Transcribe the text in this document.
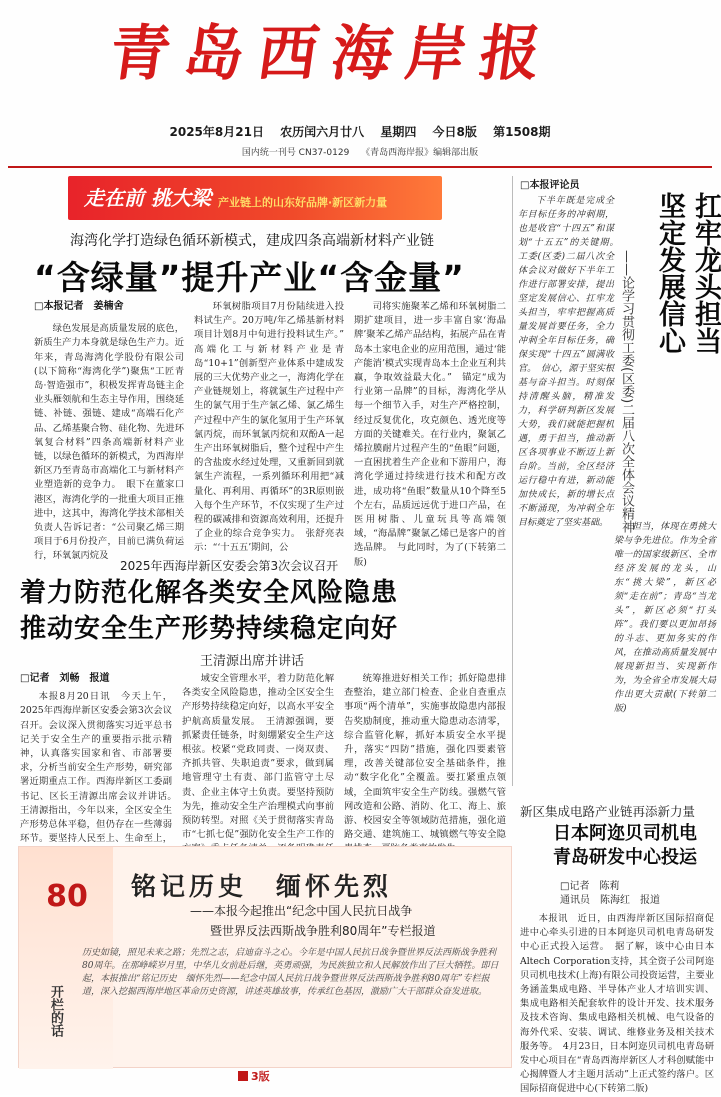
青岛西海岸报
2025年8月21日 农历闰六月廿八 星期四 今日8版 第1508期
国内统一刊号 CN37-0129　 《青岛西海岸报》编辑部出版
走在前 挑大梁 产业链上的山东好品牌·新区新力量
海湾化学打造绿色循环新模式，建成四条高端新材料产业链
“含绿量”提升产业“含金量”
□本报记者　姜楠舍

绿色发展是高质量发展的底色，新质生产力本身就是绿色生产力。近年来，青岛海湾化学股份有限公司(以下简称“海湾化学”)聚焦“工匠青岛·智造强市”，积极发挥青岛链主企业头雁领航和生态主导作用，围绕延链、补链、强链、建成“高端石化产品、乙烯基聚合物、硅化物、先进环氧复合材料”四条高端新材料产业链，以绿色循环的新模式，为西海岸新区乃至青岛市高端化工与新材料产业塑造新的竞争力。　眼下在董家口港区，海湾化学的一批重大项目正推进中，这其中，海湾化学技术部相关负责人告诉记者：“公司聚乙烯三期项目于6月份投产，目前已满负荷运行，环氧氯丙烷及

环氧树脂项目7月份陆续进入投料试生产。20万吨/年乙烯基新材料项目计划8月中旬进行投料试生产。”　高端化工与新材料产业是青岛“10+1”创新型产业体系中建成发展的三大优势产业之一，海湾化学在产业链规划上，将就氯生产过程中产生的氯气用于生产氯乙烯、氯乙烯生产过程中产生的氯化氢用于生产环氧氯丙烷，而环氧氯丙烷和双酚A一起生产出环氧树脂后，整个过程中产生的含盐废水经过处理，又重新回到就氯生产流程，一系列循环利用把“减量化、再利用、再循环”的3R原则嵌入每个生产环节，不仅实现了生产过程的碳减排和资源高效利用，还提升了企业的综合竞争实力。　张舒亮表示：“‘十五五’期间，公

司将实施聚苯乙烯和环氧树脂二期扩建项目，进一步丰富自家‘海晶牌’聚苯乙烯产品结构，拓展产品在青岛本土家电企业的应用范围，通过‘能产能消’模式实现青岛本土企业互利共赢，争取效益最大化。”　锚定“成为行业第一品牌”的目标，海湾化学从每一个细节入手，对生产严格控制，经过反复优化，攻克颜色、透光度等方面的关键难关。在行业内，聚氯乙烯拉膜耐片过程产生的“鱼眼”问题，一直困扰着生产企业和下游用户，海湾化学通过持续进行技术和配方改进，成功将“鱼眼”数量从10个降至5个左右，品质远远优于进口产品，在医用树脂、儿童玩具等高端领域，“海晶牌”聚氯乙烯已是客户的首选品牌。　与此同时，为了(下转第二版)

2025年西海岸新区安委会第3次会议召开
着力防范化解各类安全风险隐患
推动安全生产形势持续稳定向好
王清源出席并讲话
□记者　刘畅　报道

本报8月20日讯　今天上午，2025年西海岸新区安委会第3次会议召开。会议深入贯彻落实习近平总书记关于安全生产的重要指示批示精神，认真落实国家和省、市部署要求，分析当前安全生产形势，研究部署近期重点工作。西海岸新区工委副书记、区长王清源出席会议并讲话。　王清源指出，今年以来，全区安全生产形势总体平稳，但仍存在一些薄弱环节。要坚持人民至上、生命至上，

域安全管理水平，着力防范化解各类安全风险隐患，推动全区安全生产形势持续稳定向好，以高水平安全护航高质量发展。　王清源强调，要抓紧责任链条，时刻绷紧安全生产这根弦。校紧“党政同责、一岗双责、齐抓共管、失职追责”要求，做到属地管理守土有责、部门监管守土尽责、企业主体守土负责。要坚持预防为先，推动安全生产治理模式向事前预防转型。对照《关于贯彻落实青岛市“七抓七促”强防化安全生产工作的

统筹推进好相关工作；抓好隐患排查整治，建立部门检查、企业自查重点事项“两个清单”，实施事故隐患内部报告奖励制度，推动重大隐患动态清零，综合监管化解，抓好本质安全水平提升，落实“四防”措施，强化四要素管理，改善关键部位安全基础条件，推动“数字化化”全覆盖。要扛紧重点领域，全面筑牢安全生产防线。强燃气管网改造和公路、消防、化工、海上、旅游、校园安全等领域防范措施，强化道路交通、建筑施工、城镇燃气等安全隐

□本报评论员
坚定发展信心 扛牢龙头担当
——论学习贯彻工委(区委)二届八次全体会议精神

下半年既是完成全年目标任务的冲刺期，也是收官“十四五”和谋划“十五五”的关键期。　工委(区委)二届八次全体会议对做好下半年工作进行部署安排，提出坚定发展信心、扛牢龙头担当，牢牢把握高质量发展首要任务，全力冲刺全年目标任务，确保实现“十四五”圆满收官。　信心，源于坚实根基与奋斗担当。时刻保持清醒头脑，精准发力，科学研判新区发展大势，我们就能把握机遇，勇于担当，推动新区各项事业不断迈上新台阶。当前，全区经济运行稳中有进，新动能加快成长，新的增长点不断涌现，为冲刺全年目标奠定了坚实基础。	担当，体现在勇挑大梁与争先进位。作为全省唯一的国家级新区、全市经济发展的龙头，山东“挑大梁”，新区必须“走在前”；青岛“当龙头”，新区必须“打头阵”。我们要以更加昂扬的斗志、更加务实的作风，在推动高质量发展中展现新担当、实现新作为，为全省全市发展大局作出更大贡献(下转第二版)

新区集成电路产业链再添新力量
日本阿迩贝司机电
青岛研发中心投运
□记者　陈莉
通讯员　陈海红　报道

本报讯　近日，由西海岸新区国际招商促进中心牵头引进的日本阿迩贝司机电青岛研发中心正式投入运营。　据了解，该中心由日本Altech Corporation支持，其全资子公司阿迩贝司机电技术(上海)有限公司投资运营，主要业务涵盖集成电路、半导体产业人才培训实训、集成电路相关配套软件的设计开发、技术服务及技术咨询、集成电路相关机械、电气设备的海外代采、安装、调试、维修业务及相关技术服务等。　4月23日，日本阿迩贝司机电青岛研发中心项目在“青岛西海岸新区人才科创赋能中心揭牌暨人才主题月活动”上正式签约落户。区国际招商促进中心(下转第二版)

80
开栏的话
铭记历史　缅怀先烈
——本报今起推出“纪念中国人民抗日战争
暨世界反法西斯战争胜利80周年”专栏报道
历史如镜，照见未来之路；先烈之志，启迪奋斗之心。今年是中国人民抗日战争暨世界反法西斯战争胜利80周年。在那峥嵘岁月里，中华儿女前赴后继，英勇顽强，为民族独立和人民解放作出了巨大牺牲。即日起，本报推出“铭记历史　缅怀先烈——纪念中国人民抗日战争暨世界反法西斯战争胜利80周年”专栏报道，深入挖掘西海岸地区革命历史资源，讲述英雄故事，传承红色基因，激励广大干部群众奋发进取。
3版
